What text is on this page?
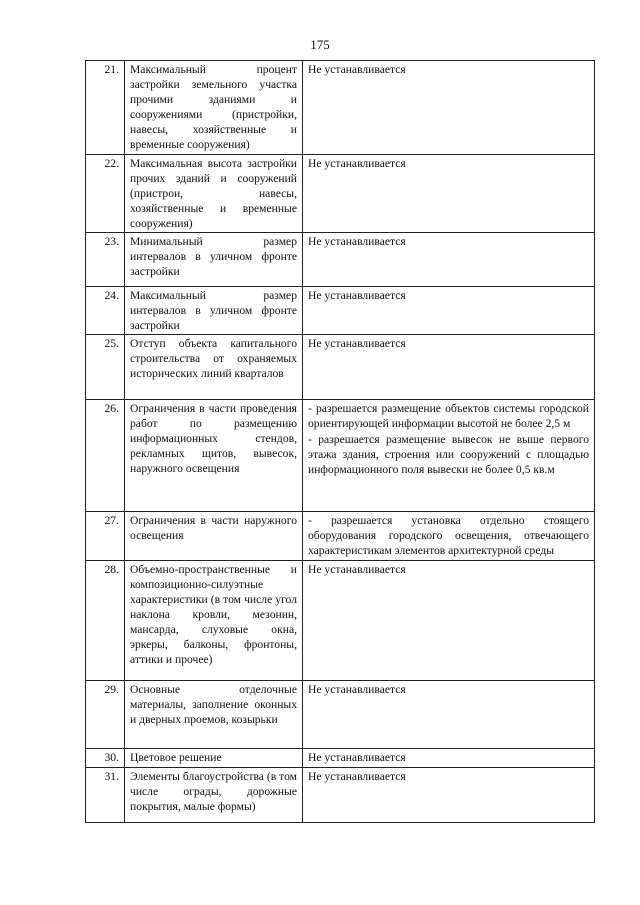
175
21.	Максимальный процент застройки земельного участка прочими зданиями и сооружениями (пристройки, навесы, хозяйственные и временные сооружения)	Не устанавливается

22.	Максимальная высота застройки прочих зданий и сооружений (пристрои, навесы, хозяйственные и временные сооружения)	Не устанавливается

23.	Минимальный размер интервалов в уличном фронте застройки	Не устанавливается

24.	Максимальный размер интервалов в уличном фронте застройки	Не устанавливается

25.	Отступ объекта капитального строительства от охраняемых исторических линий кварталов	Не устанавливается

26.	Ограничения в части проведения работ по размещению информационных стендов, рекламных щитов, вывесок, наружного освещения	- разрешается размещение объектов системы городской ориентирующей информации высотой не более 2,5 м
- разрешается размещение вывесок не выше первого этажа здания, строения или сооружений с площадью информационного поля вывески не более 0,5 кв.м

27.	Ограничения в части наружного освещения	- разрешается установка отдельно стоящего оборудования городского освещения, отвечающего характеристикам элементов архитектурной среды

28.	Объемно-пространственные и композиционно-силуэтные характеристики (в том числе угол наклона кровли, мезонин, мансарда, слуховые окна, эркеры, балконы, фронтоны, аттики и прочее)	Не устанавливается

29.	Основные отделочные материалы, заполнение оконных и дверных проемов, козырьки	Не устанавливается

30.	Цветовое решение	Не устанавливается

31.	Элементы благоустройства (в том числе ограды, дорожные покрытия, малые формы)	Не устанавливается
